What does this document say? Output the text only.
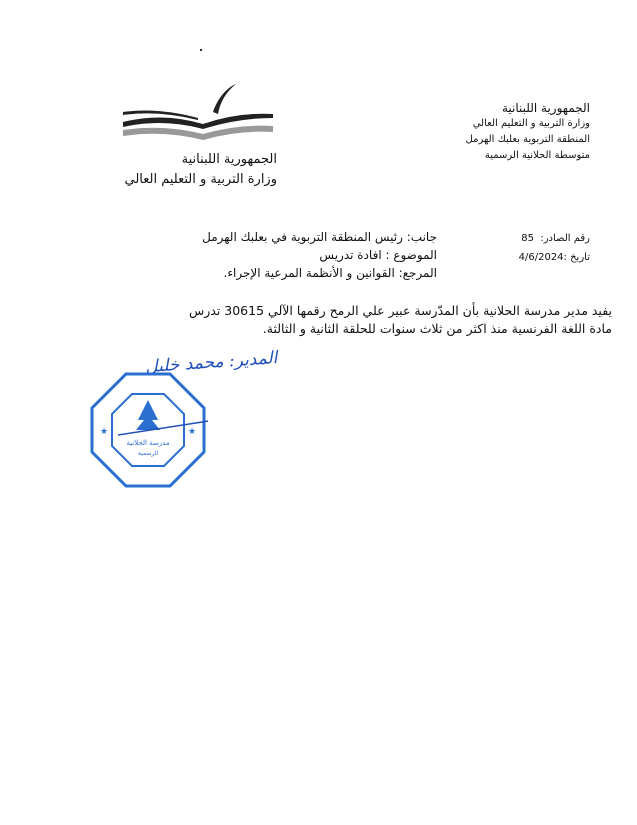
الجمهورية اللبنانية
وزارة التربية و التعليم العالي
المنطقة التربوية بعلبك الهرمل
متوسطة الحلانية الرسمية
الجمهورية اللبنانية
وزارة التربية و التعليم العالي
رقم الصادر:  85
تاريخ :4/6/2024
جانب: رئيس المنطقة التربوية في بعلبك الهرمل
الموضوع : افادة تدريس
المرجع: القوانين و الأنظمة المرعية الإجراء.
يفيد مدير مدرسة الحلانية بأن المدّرسة عبير علي الرمح رقمها الآلي 30615 تدرس
مادة اللغة الفرنسية منذ اكثر من ثلاث سنوات للحلقة الثانية و الثالثة.
المدير: محمد خليل
مدرسة الحلانية
الرسمية
★	★
